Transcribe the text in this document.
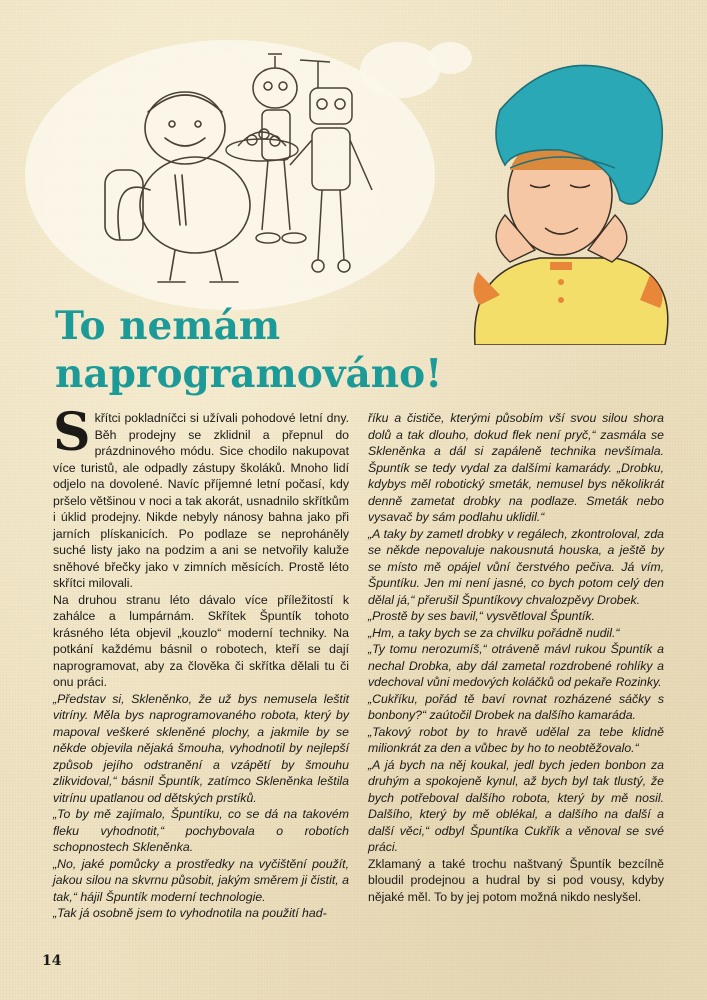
To nemám
naprogramováno!

Skřítci pokladníčci si užívali pohodové letní dny. Běh prodejny se zklidnil a přepnul do prázdninového módu. Sice chodilo nakupovat více turistů, ale odpadly zástupy školáků. Mnoho lidí odjelo na dovolené. Navíc příjemné letní počasí, kdy pršelo většinou v noci a tak akorát, usnadnilo skřítkům i úklid prodejny. Nikde nebyly nánosy bahna jako při jarních plískanicích. Po podlaze se neproháněly suché listy jako na podzim a ani se netvořily kaluže sněhové břečky jako v zimních měsících. Prostě léto skřítci milovali.

Na druhou stranu léto dávalo více příležitostí k zahálce a lumpárnám. Skřítek Špuntík tohoto krásného léta objevil „kouzlo“ moderní techniky. Na potkání každému básnil o robotech, kteří se dají naprogramovat, aby za člověka či skřítka dělali tu či onu práci.

„Představ si, Skleněnko, že už bys nemusela leštit vitríny. Měla bys naprogramovaného robota, který by mapoval veškeré skleněné plochy, a jakmile by se někde objevila nějaká šmouha, vyhodnotil by nejlepší způsob jejího odstranění a vzápětí by šmouhu zlikvidoval,“ básnil Špuntík, zatímco Skleněnka leštila vitrínu upatlanou od dětských prstíků.

„To by mě zajímalo, Špuntíku, co se dá na takovém fleku vyhodnotit,“ pochybovala o robotích schopnostech Skleněnka.

„No, jaké pomůcky a prostředky na vyčištění použít, jakou silou na skvrnu působit, jakým směrem ji čistit, a tak,“ hájil Špuntík moderní technologie.

„Tak já osobně jsem to vyhodnotila na použití had-

říku a čističe, kterými působím vší svou silou shora dolů a tak dlouho, dokud flek není pryč,“ zasmála se Skleněnka a dál si zapáleně technika nevšímala. Špuntík se tedy vydal za dalšími kamarády. „Drobku, kdybys měl robotický smeták, nemusel bys několikrát denně zametat drobky na podlaze. Smeták nebo vysavač by sám podlahu uklidil.“

„A taky by zametl drobky v regálech, zkontroloval, zda se někde nepovaluje nakousnutá houska, a ještě by se místo mě opájel vůní čerstvého pečiva. Já vím, Špuntíku. Jen mi není jasné, co bych potom celý den dělal já,“ přerušil Špuntíkovy chvalozpěvy Drobek.

„Prostě by ses bavil,“ vysvětloval Špuntík.

„Hm, a taky bych se za chvilku pořádně nudil.“

„Ty tomu nerozumíš,“ otráveně mávl rukou Špuntík a nechal Drobka, aby dál zametal rozdrobené rohlíky a vdechoval vůni medových koláčků od pekaře Rozinky.

„Cukříku, pořád tě baví rovnat rozházené sáčky s bonbony?“ zaútočil Drobek na dalšího kamaráda.

„Takový robot by to hravě udělal za tebe klidně milionkrát za den a vůbec by ho to neobtěžovalo.“

„A já bych na něj koukal, jedl bych jeden bonbon za druhým a spokojeně kynul, až bych byl tak tlustý, že bych potřeboval dalšího robota, který by mě nosil. Dalšího, který by mě oblékal, a dalšího na další a další věci,“ odbyl Špuntíka Cukřík a věnoval se své práci.

Zklamaný a také trochu naštvaný Špuntík bezcílně bloudil prodejnou a hudral by si pod vousy, kdyby nějaké měl. To by jej potom možná nikdo neslyšel.

14
